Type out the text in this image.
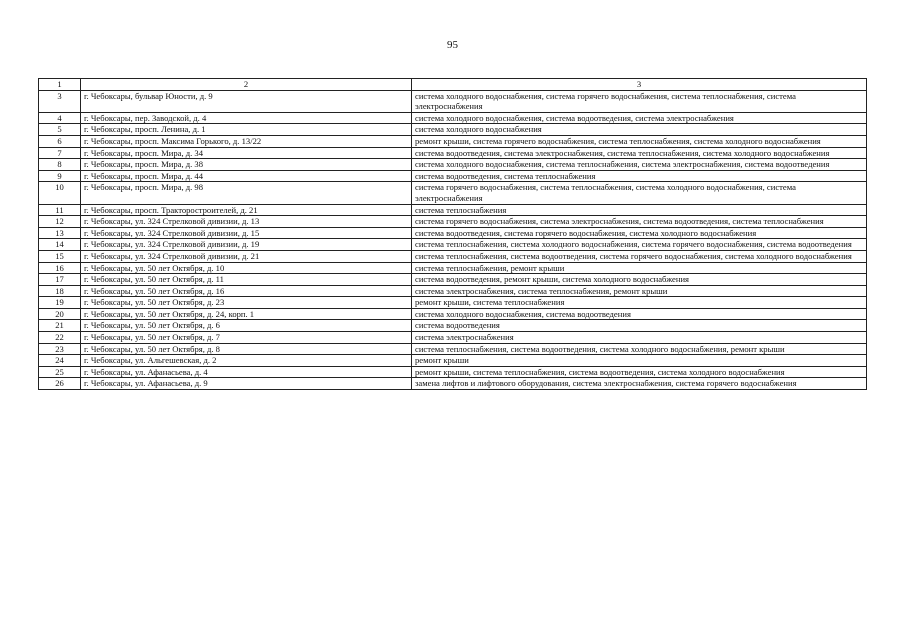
95
1	2	3
3	г. Чебоксары, бульвар Юности, д. 9	система холодного водоснабжения, система горячего водоснабжения, система теплоснабжения, система электроснабжения
4	г. Чебоксары, пер. Заводской, д. 4	система холодного водоснабжения, система водоотведения, система электроснабжения
5	г. Чебоксары, просп. Ленина, д. 1	система холодного водоснабжения
6	г. Чебоксары, просп. Максима Горького, д. 13/22	ремонт крыши, система горячего водоснабжения, система теплоснабжения, система холодного водоснабжения
7	г. Чебоксары, просп. Мира, д. 34	система водоотведения, система электроснабжения, система теплоснабжения, система холодного водоснабжения
8	г. Чебоксары, просп. Мира, д. 38	система холодного водоснабжения, система теплоснабжения, система электроснабжения, система водоотведения
9	г. Чебоксары, просп. Мира, д. 44	система водоотведения, система теплоснабжения
10	г. Чебоксары, просп. Мира, д. 98	система горячего водоснабжения, система теплоснабжения, система холодного водоснабжения, система электроснабжения
11	г. Чебоксары, просп. Тракторостроителей, д. 21	система теплоснабжения
12	г. Чебоксары, ул. 324 Стрелковой дивизии, д. 13	система горячего водоснабжения, система электроснабжения, система водоотведения, система теплоснабжения
13	г. Чебоксары, ул. 324 Стрелковой дивизии, д. 15	система водоотведения, система горячего водоснабжения, система холодного водоснабжения
14	г. Чебоксары, ул. 324 Стрелковой дивизии, д. 19	система теплоснабжения, система холодного водоснабжения, система горячего водоснабжения, система водоотведения
15	г. Чебоксары, ул. 324 Стрелковой дивизии, д. 21	система теплоснабжения, система водоотведения, система горячего водоснабжения, система холодного водоснабжения
16	г. Чебоксары, ул. 50 лет Октября, д. 10	система теплоснабжения, ремонт крыши
17	г. Чебоксары, ул. 50 лет Октября, д. 11	система водоотведения, ремонт крыши, система холодного водоснабжения
18	г. Чебоксары, ул. 50 лет Октября, д. 16	система электроснабжения, система теплоснабжения, ремонт крыши
19	г. Чебоксары, ул. 50 лет Октября, д. 23	ремонт крыши, система теплоснабжения
20	г. Чебоксары, ул. 50 лет Октября, д. 24, корп. 1	система холодного водоснабжения, система водоотведения
21	г. Чебоксары, ул. 50 лет Октября, д. 6	система водоотведения
22	г. Чебоксары, ул. 50 лет Октября, д. 7	система электроснабжения
23	г. Чебоксары, ул. 50 лет Октября, д. 8	система теплоснабжения, система водоотведения, система холодного водоснабжения, ремонт крыши
24	г. Чебоксары, ул. Альгешевская, д. 2	ремонт крыши
25	г. Чебоксары, ул. Афанасьева, д. 4	ремонт крыши, система теплоснабжения, система водоотведения, система холодного водоснабжения
26	г. Чебоксары, ул. Афанасьева, д. 9	замена лифтов и лифтового оборудования, система электроснабжения, система горячего водоснабжения
